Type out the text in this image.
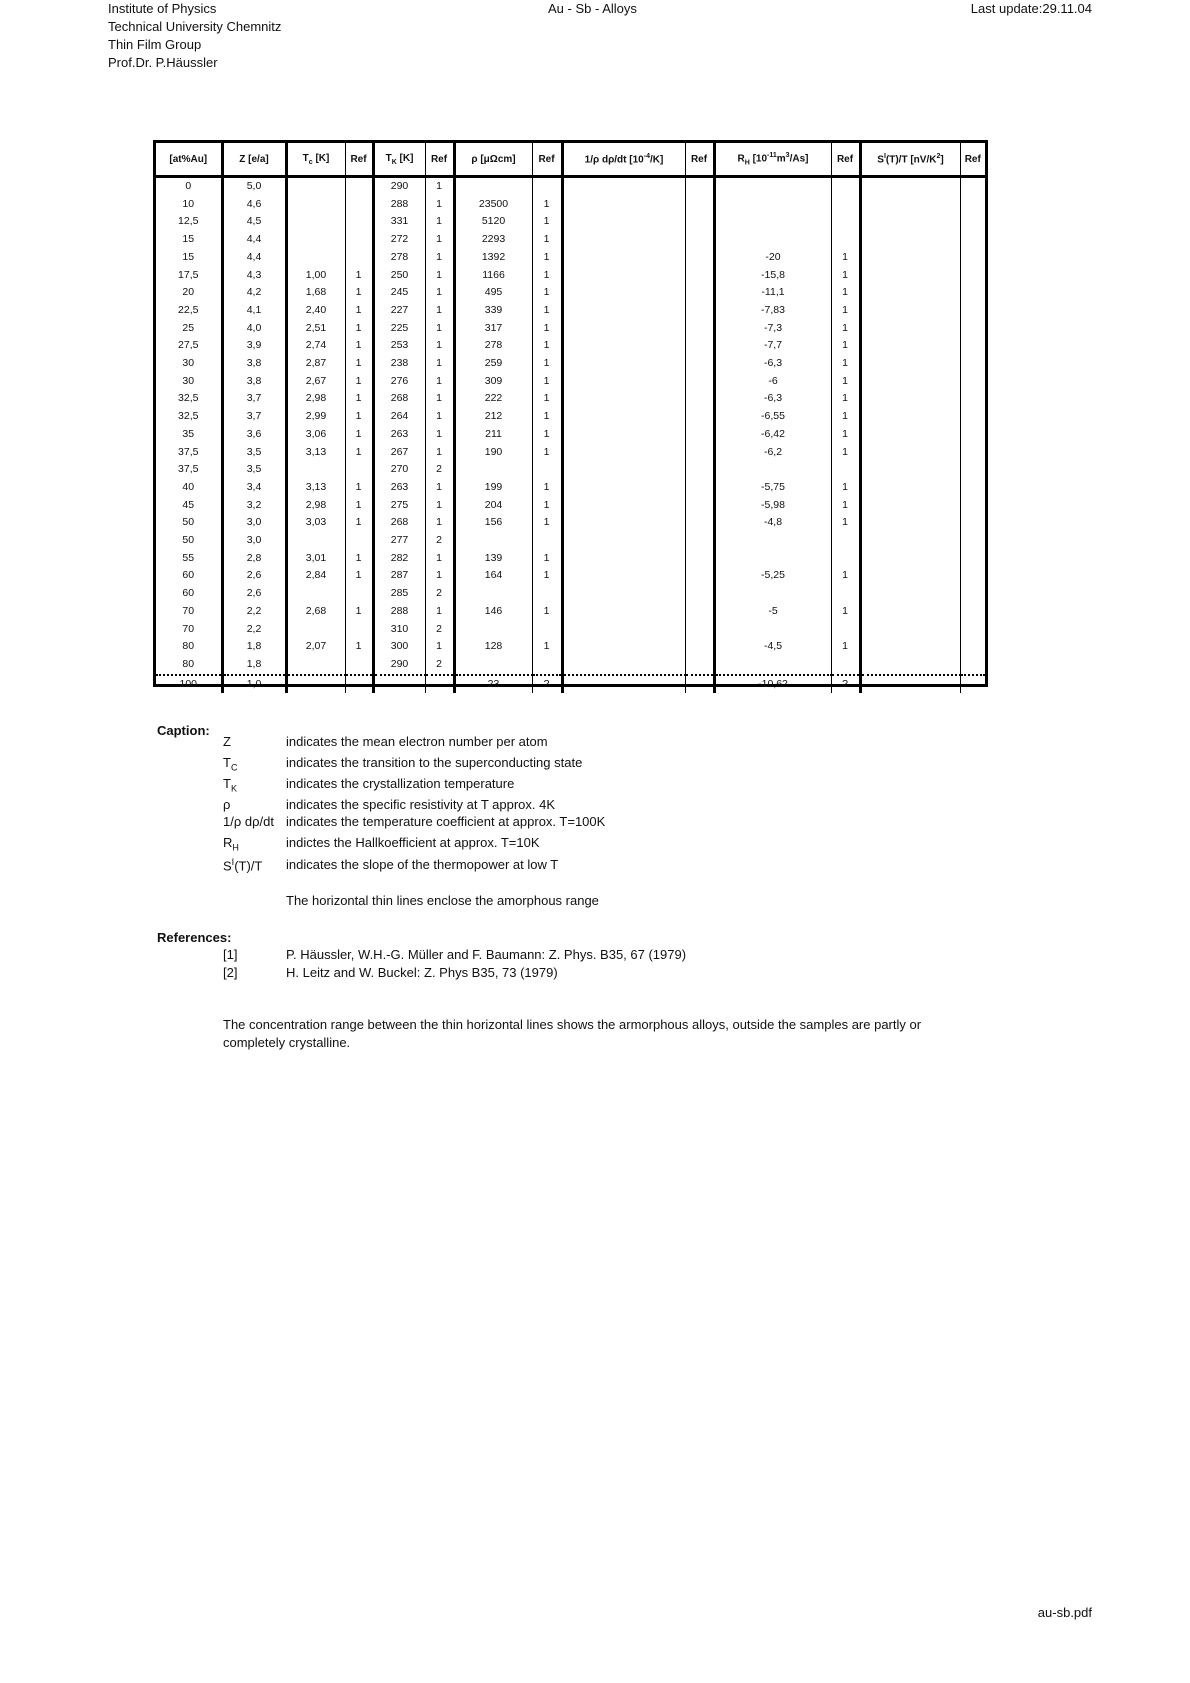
Institute of Physics
Technical University Chemnitz
Thin Film Group
Prof.Dr. P.Häussler
Au - Sb - Alloys	Last update:29.11.04
[at%Au]	Z [e/a]	$T_c$ [K]	Ref	$T_K$ [K]	Ref	ρ [μΩcm]	Ref	1/ρ dρ/dt $[10^{-4}/K]$	Ref	$R_H$ $[10^{-11}m^3/As]$	Ref	$S^I(T)/T$ $[nV/K^2]$	Ref
0	5,0			290	1								
10	4,6			288	1	23500	1						
12,5	4,5			331	1	5120	1						
15	4,4			272	1	2293	1						
15	4,4			278	1	1392	1			-20	1		
17,5	4,3	1,00	1	250	1	1166	1			-15,8	1		
20	4,2	1,68	1	245	1	495	1			-11,1	1		
22,5	4,1	2,40	1	227	1	339	1			-7,83	1		
25	4,0	2,51	1	225	1	317	1			-7,3	1		
27,5	3,9	2,74	1	253	1	278	1			-7,7	1		
30	3,8	2,87	1	238	1	259	1			-6,3	1		
30	3,8	2,67	1	276	1	309	1			-6	1		
32,5	3,7	2,98	1	268	1	222	1			-6,3	1		
32,5	3,7	2,99	1	264	1	212	1			-6,55	1		
35	3,6	3,06	1	263	1	211	1			-6,42	1		
37,5	3,5	3,13	1	267	1	190	1			-6,2	1		
37,5	3,5			270	2								
40	3,4	3,13	1	263	1	199	1			-5,75	1		
45	3,2	2,98	1	275	1	204	1			-5,98	1		
50	3,0	3,03	1	268	1	156	1			-4,8	1		
50	3,0			277	2								
55	2,8	3,01	1	282	1	139	1						
60	2,6	2,84	1	287	1	164	1			-5,25	1		
60	2,6			285	2								
70	2,2	2,68	1	288	1	146	1			-5	1		
70	2,2			310	2								
80	1,8	2,07	1	300	1	128	1			-4,5	1		
80	1,8			290	2								
100	1,0					23	?			-10,62	?		
Caption:
Z	indicates the mean electron number per atom
$T_C$	indicates the transition to the superconducting state
$T_K$	indicates the crystallization temperature
ρ	indicates the specific resistivity at T approx. 4K
1/ρ dρ/dt indicates the temperature coefficient at approx. T=100K
$R_H$	indictes the Hallkoefficient at approx. T=10K
$S^I(T)/T$ indicates the slope of the thermopower at low T
The horizontal thin lines enclose the amorphous range
References:
[1]	P. Häussler, W.H.-G. Müller and F. Baumann: Z. Phys. B35, 67 (1979)
[2]	H. Leitz and W. Buckel: Z. Phys B35, 73 (1979)
The concentration range between the thin horizontal lines shows the armorphous alloys, outside the samples are partly or completely crystalline.
au-sb.pdf
